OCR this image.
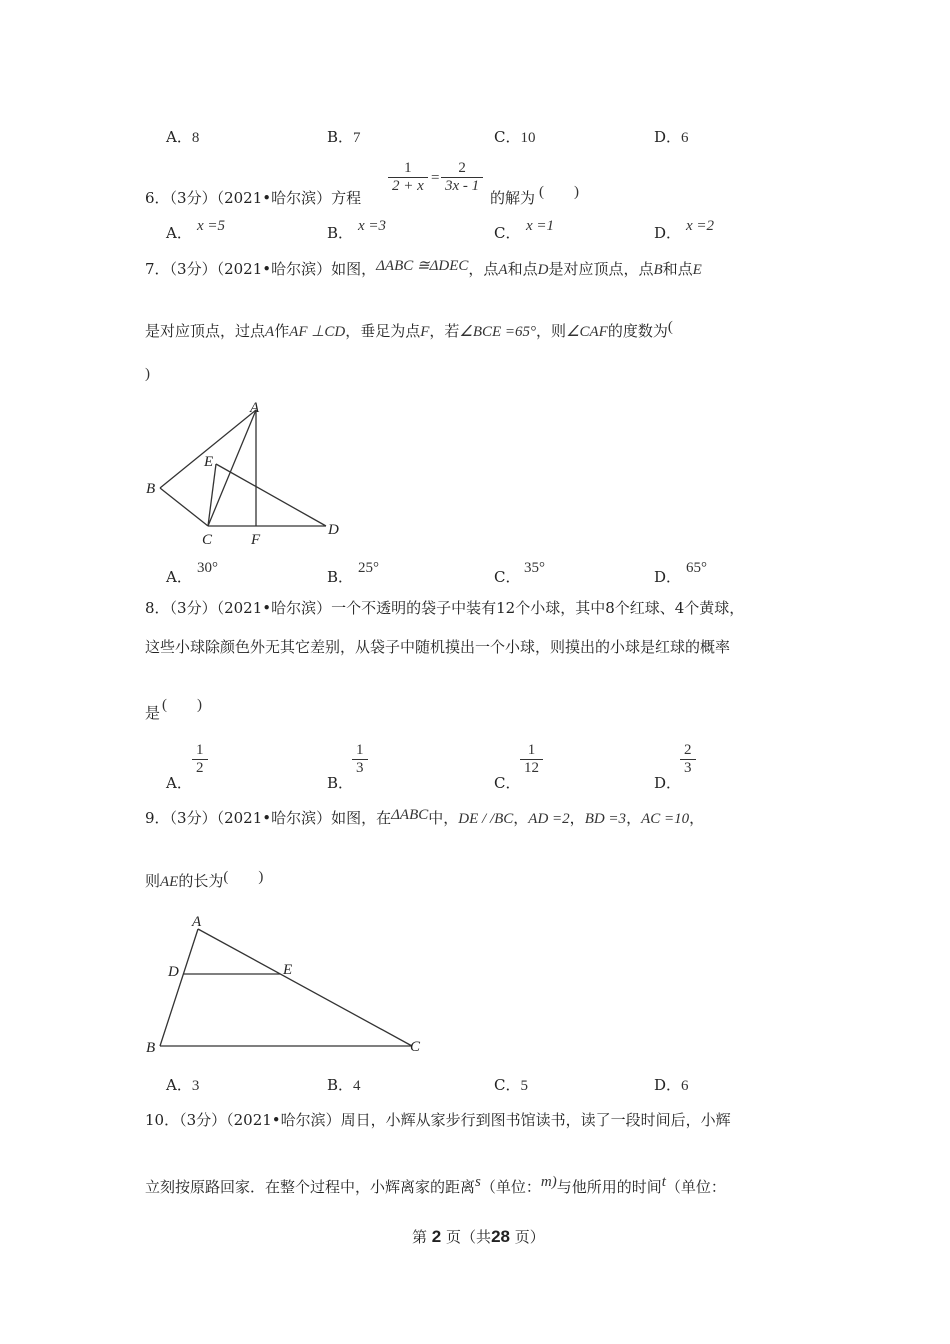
A．8	B．7	C．10	D．6
6．（3分）（2021•哈尔滨）方程
$\frac{1}{2 + x} = \frac{2}{3x - 1}$
的解为 (　　)
A． x =5	B． x =3	C． x =1	D． x =2
7．（3分）（2021•哈尔滨）如图，ΔABC ≅ΔDEC，点A和点D是对应顶点，点B和点E
是对应顶点，过点A作AF ⊥CD，垂足为点F，若∠BCE =65°，则∠CAF的度数为(
)
A
B
C
D
E
F
A． 30°	B． 25°	C． 35°	D． 65°
8．（3分）（2021•哈尔滨）一个不透明的袋子中装有12个小球，其中8个红球、4个黄球，
这些小球除颜色外无其它差别，从袋子中随机摸出一个小球，则摸出的小球是红球的概率
是 (　　)
A．
$\frac{1}{2}$
B．
$\frac{1}{3}$
C．
$\frac{1}{12}$
D．
$\frac{2}{3}$
9．（3分）（2021•哈尔滨）如图，在ΔABC中，DE / /BC，AD =2，BD =3，AC =10，
则AE的长为(　　)
A
B	C
D	E
A．3	B．4	C．5	D．6
10．（3分）（2021•哈尔滨）周日，小辉从家步行到图书馆读书，读了一段时间后，小辉
立刻按原路回家．在整个过程中，小辉离家的距离s（单位：m)与他所用的时间t（单位：
第 2 页（共28 页）
